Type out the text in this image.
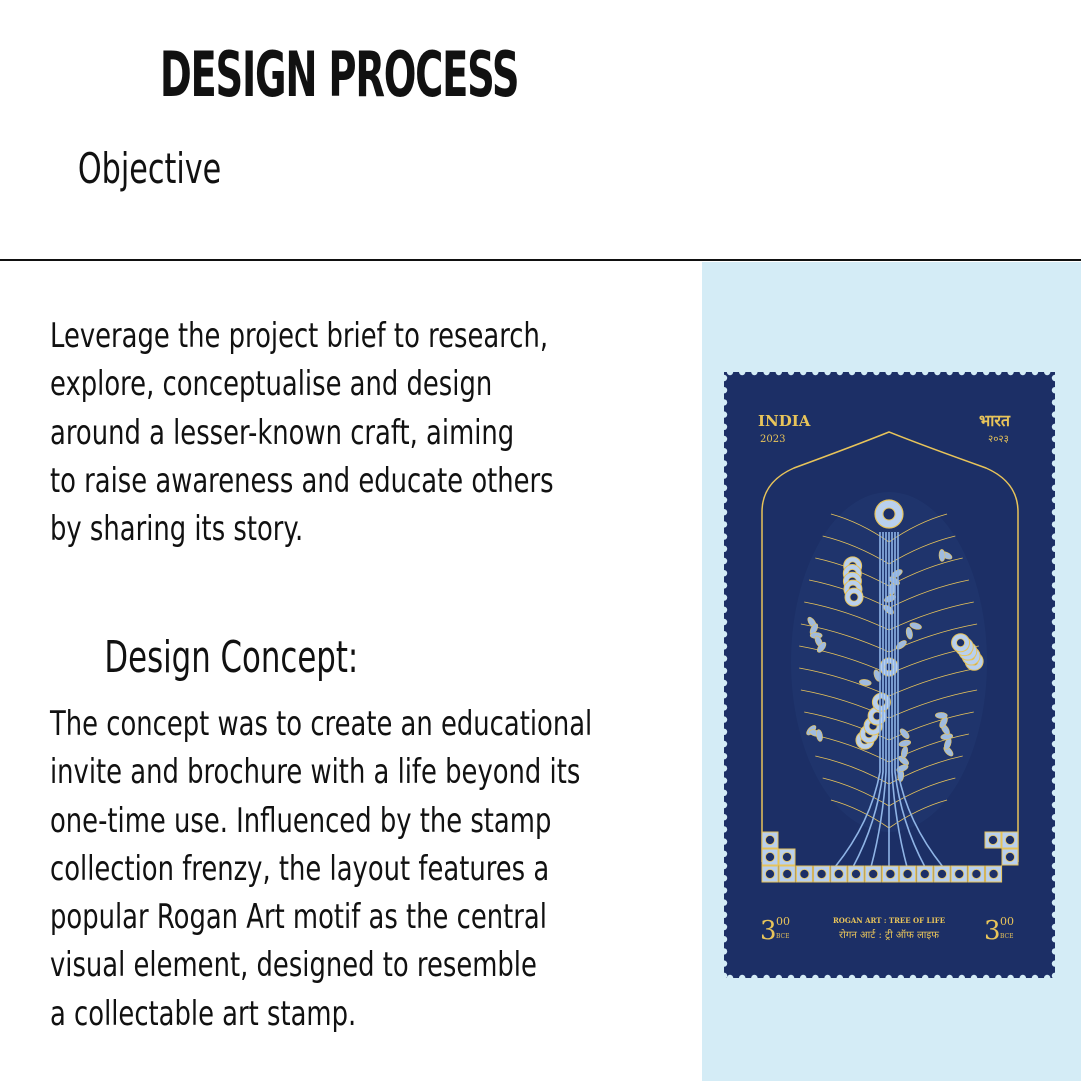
DESIGN PROCESS
Objective
Leverage the project brief to research,
explore, conceptualise and design
around a lesser-known craft, aiming
to raise awareness and educate others
by sharing its story.
Design Concept:
The concept was to create an educational
invite and brochure with a life beyond its
one-time use. Influenced by the stamp
collection frenzy, the layout features a
popular Rogan Art motif as the central
visual element, designed to resemble
a collectable art stamp.
INDIA
2023
भारत
२०२३
3 00
BCE	3 00
BCE
ROGAN ART : TREE OF LIFE
रोगन आर्ट : ट्री ऑफ लाइफ
